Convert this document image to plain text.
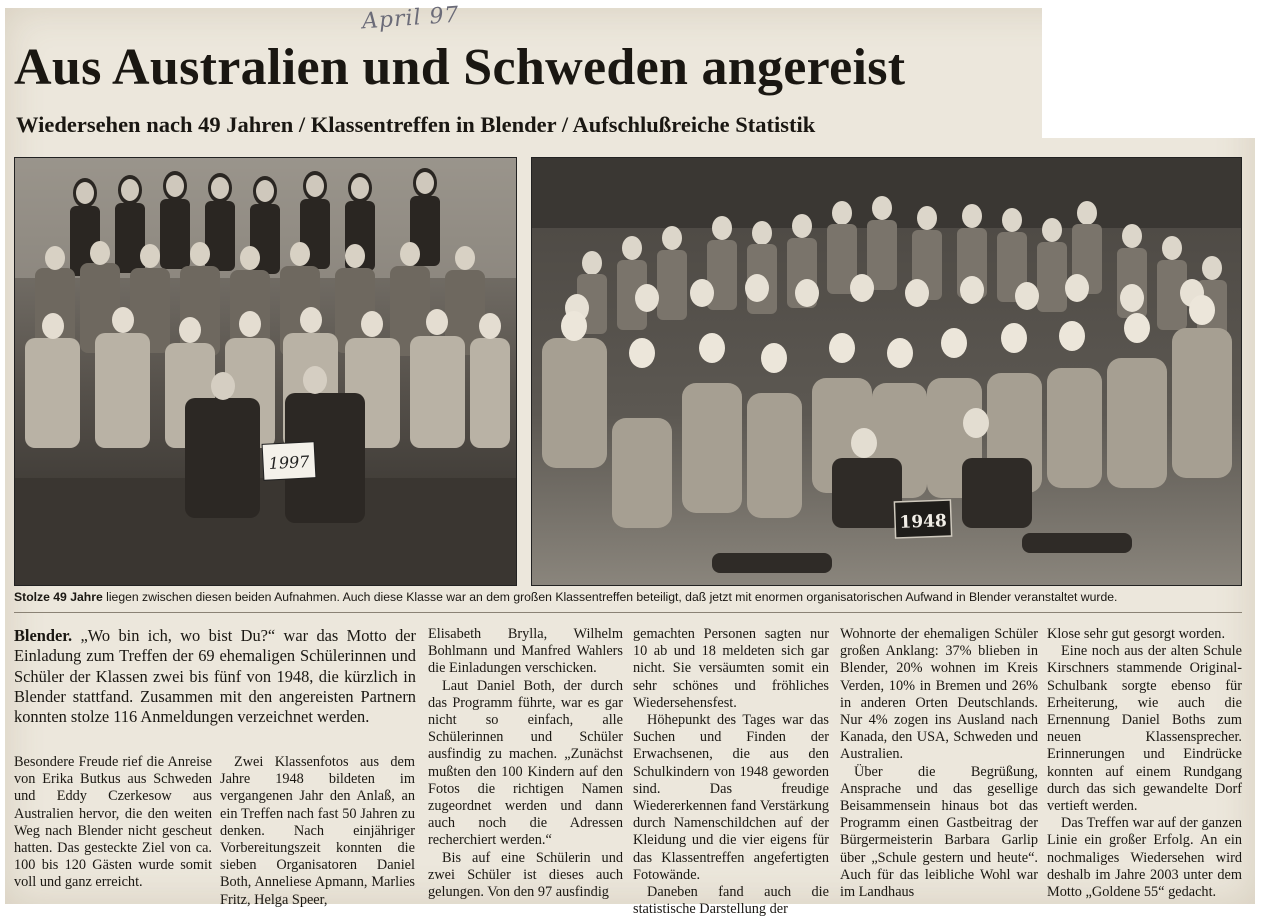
April 97
Aus Australien und Schweden angereist
Wiedersehen nach 49 Jahren / Klassentreffen in Blender / Aufschlußreiche Statistik
1997
1948
Stolze 49 Jahre liegen zwischen diesen beiden Aufnahmen. Auch diese Klasse war an dem großen Klassentreffen beteiligt, daß jetzt mit enormen organisatorischen Aufwand in Blender veranstaltet wurde.
Blender. „Wo bin ich, wo bist Du?“ war das Motto der Einladung zum Treffen der 69 ehemaligen Schülerinnen und Schüler der Klassen zwei bis fünf von 1948, die kürzlich in Blender stattfand. Zusammen mit den angereisten Partnern konnten stolze 116 Anmeldungen verzeichnet werden.

Besondere Freude rief die Anreise von Erika Butkus aus Schweden und Eddy Czerkesow aus Australien hervor, die den weiten Weg nach Blender nicht gescheut hatten. Das gesteckte Ziel von ca. 100 bis 120 Gästen wurde somit voll und ganz erreicht.

Zwei Klassenfotos aus dem Jahre 1948 bildeten im vergangenen Jahr den Anlaß, an ein Treffen nach fast 50 Jahren zu denken. Nach einjähriger Vorbereitungszeit konnten die sieben Organisatoren Daniel Both, Anneliese Apmann, Marlies Fritz, Helga Speer,

Elisabeth Brylla, Wilhelm Bohlmann und Manfred Wahlers die Einladungen verschicken.

Laut Daniel Both, der durch das Programm führte, war es gar nicht so einfach, alle Schülerinnen und Schüler ausfindig zu machen. „Zunächst mußten den 100 Kindern auf den Fotos die richtigen Namen zugeordnet werden und dann auch noch die Adressen recherchiert werden.“

Bis auf eine Schülerin und zwei Schüler ist dieses auch gelungen. Von den 97 ausfindig

gemachten Personen sagten nur 10 ab und 18 meldeten sich gar nicht. Sie versäumten somit ein sehr schönes und fröhliches Wiedersehensfest.

Höhepunkt des Tages war das Suchen und Finden der Erwachsenen, die aus den Schulkindern von 1948 geworden sind. Das freudige Wiedererkennen fand Verstärkung durch Namenschildchen auf der Kleidung und die vier eigens für das Klassentreffen angefertigten Fotowände.

Daneben fand auch die statistische Darstellung der

Wohnorte der ehemaligen Schüler großen Anklang: 37% blieben in Blender, 20% wohnen im Kreis Verden, 10% in Bremen und 26% in anderen Orten Deutschlands. Nur 4% zogen ins Ausland nach Kanada, den USA, Schweden und Australien.

Über die Begrüßung, Ansprache und das gesellige Beisammensein hinaus bot das Programm einen Gastbeitrag der Bürgermeisterin Barbara Garlip über „Schule gestern und heute“. Auch für das leibliche Wohl war im Landhaus

Klose sehr gut gesorgt worden.

Eine noch aus der alten Schule Kirschners stammende Original-Schulbank sorgte ebenso für Erheiterung, wie auch die Ernennung Daniel Boths zum neuen Klassensprecher. Erinnerungen und Eindrücke konnten auf einem Rundgang durch das sich gewandelte Dorf vertieft werden.

Das Treffen war auf der ganzen Linie ein großer Erfolg. An ein nochmaliges Wiedersehen wird deshalb im Jahre 2003 unter dem Motto „Goldene 55“ gedacht.
